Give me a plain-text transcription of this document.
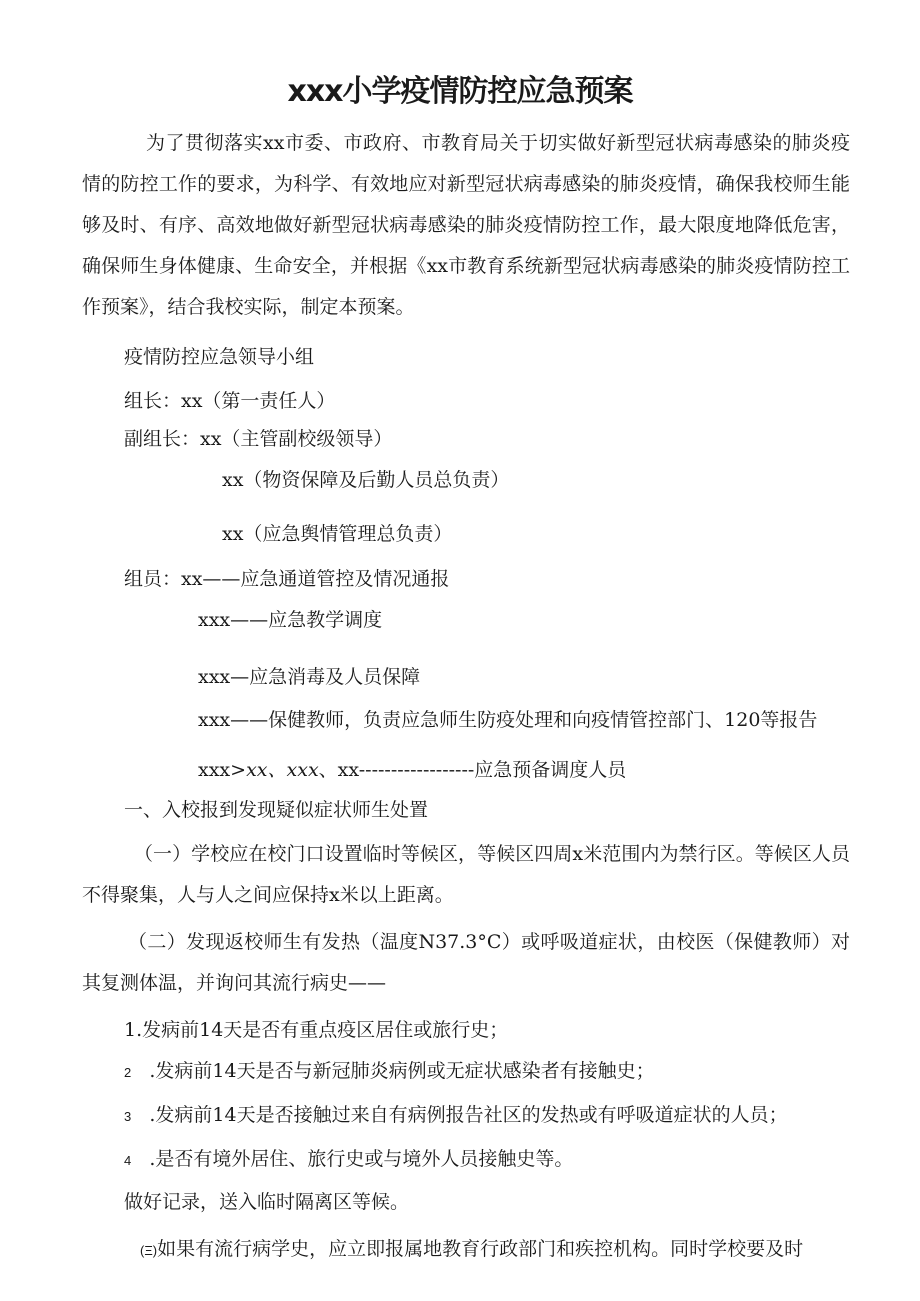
xxx小学疫情防控应急预案

为了贯彻落实xx市委、市政府、市教育局关于切实做好新型冠状病毒感染的肺炎疫情的防控工作的要求，为科学、有效地应对新型冠状病毒感染的肺炎疫情，确保我校师生能够及时、有序、高效地做好新型冠状病毒感染的肺炎疫情防控工作，最大限度地降低危害，确保师生身体健康、生命安全，并根据《xx市教育系统新型冠状病毒感染的肺炎疫情防控工作预案》，结合我校实际，制定本预案。

疫情防控应急领导小组

组长：xx（第一责任人）

副组长：xx（主管副校级领导）

xx（物资保障及后勤人员总负责）

xx（应急舆情管理总负责）

组员：xx——应急通道管控及情况通报

xxx——应急教学调度

xxx—应急消毒及人员保障

xxx——保健教师，负责应急师生防疫处理和向疫情管控部门、120等报告

xxx>xx、xxx、xx------------------应急预备调度人员

一、入校报到发现疑似症状师生处置

（一）学校应在校门口设置临时等候区，等候区四周x米范围内为禁行区。等候区人员不得聚集，人与人之间应保持x米以上距离。

（二）发现返校师生有发热（温度N37.3°C）或呼吸道症状，由校医（保健教师）对其复测体温，并询问其流行病史——

1.发病前14天是否有重点疫区居住或旅行史；

2 .发病前14天是否与新冠肺炎病例或无症状感染者有接触史；

3 .发病前14天是否接触过来自有病例报告社区的发热或有呼吸道症状的人员；

4 .是否有境外居住、旅行史或与境外人员接触史等。

做好记录，送入临时隔离区等候。

(Ξ)如果有流行病学史，应立即报属地教育行政部门和疾控机构。同时学校要及时
